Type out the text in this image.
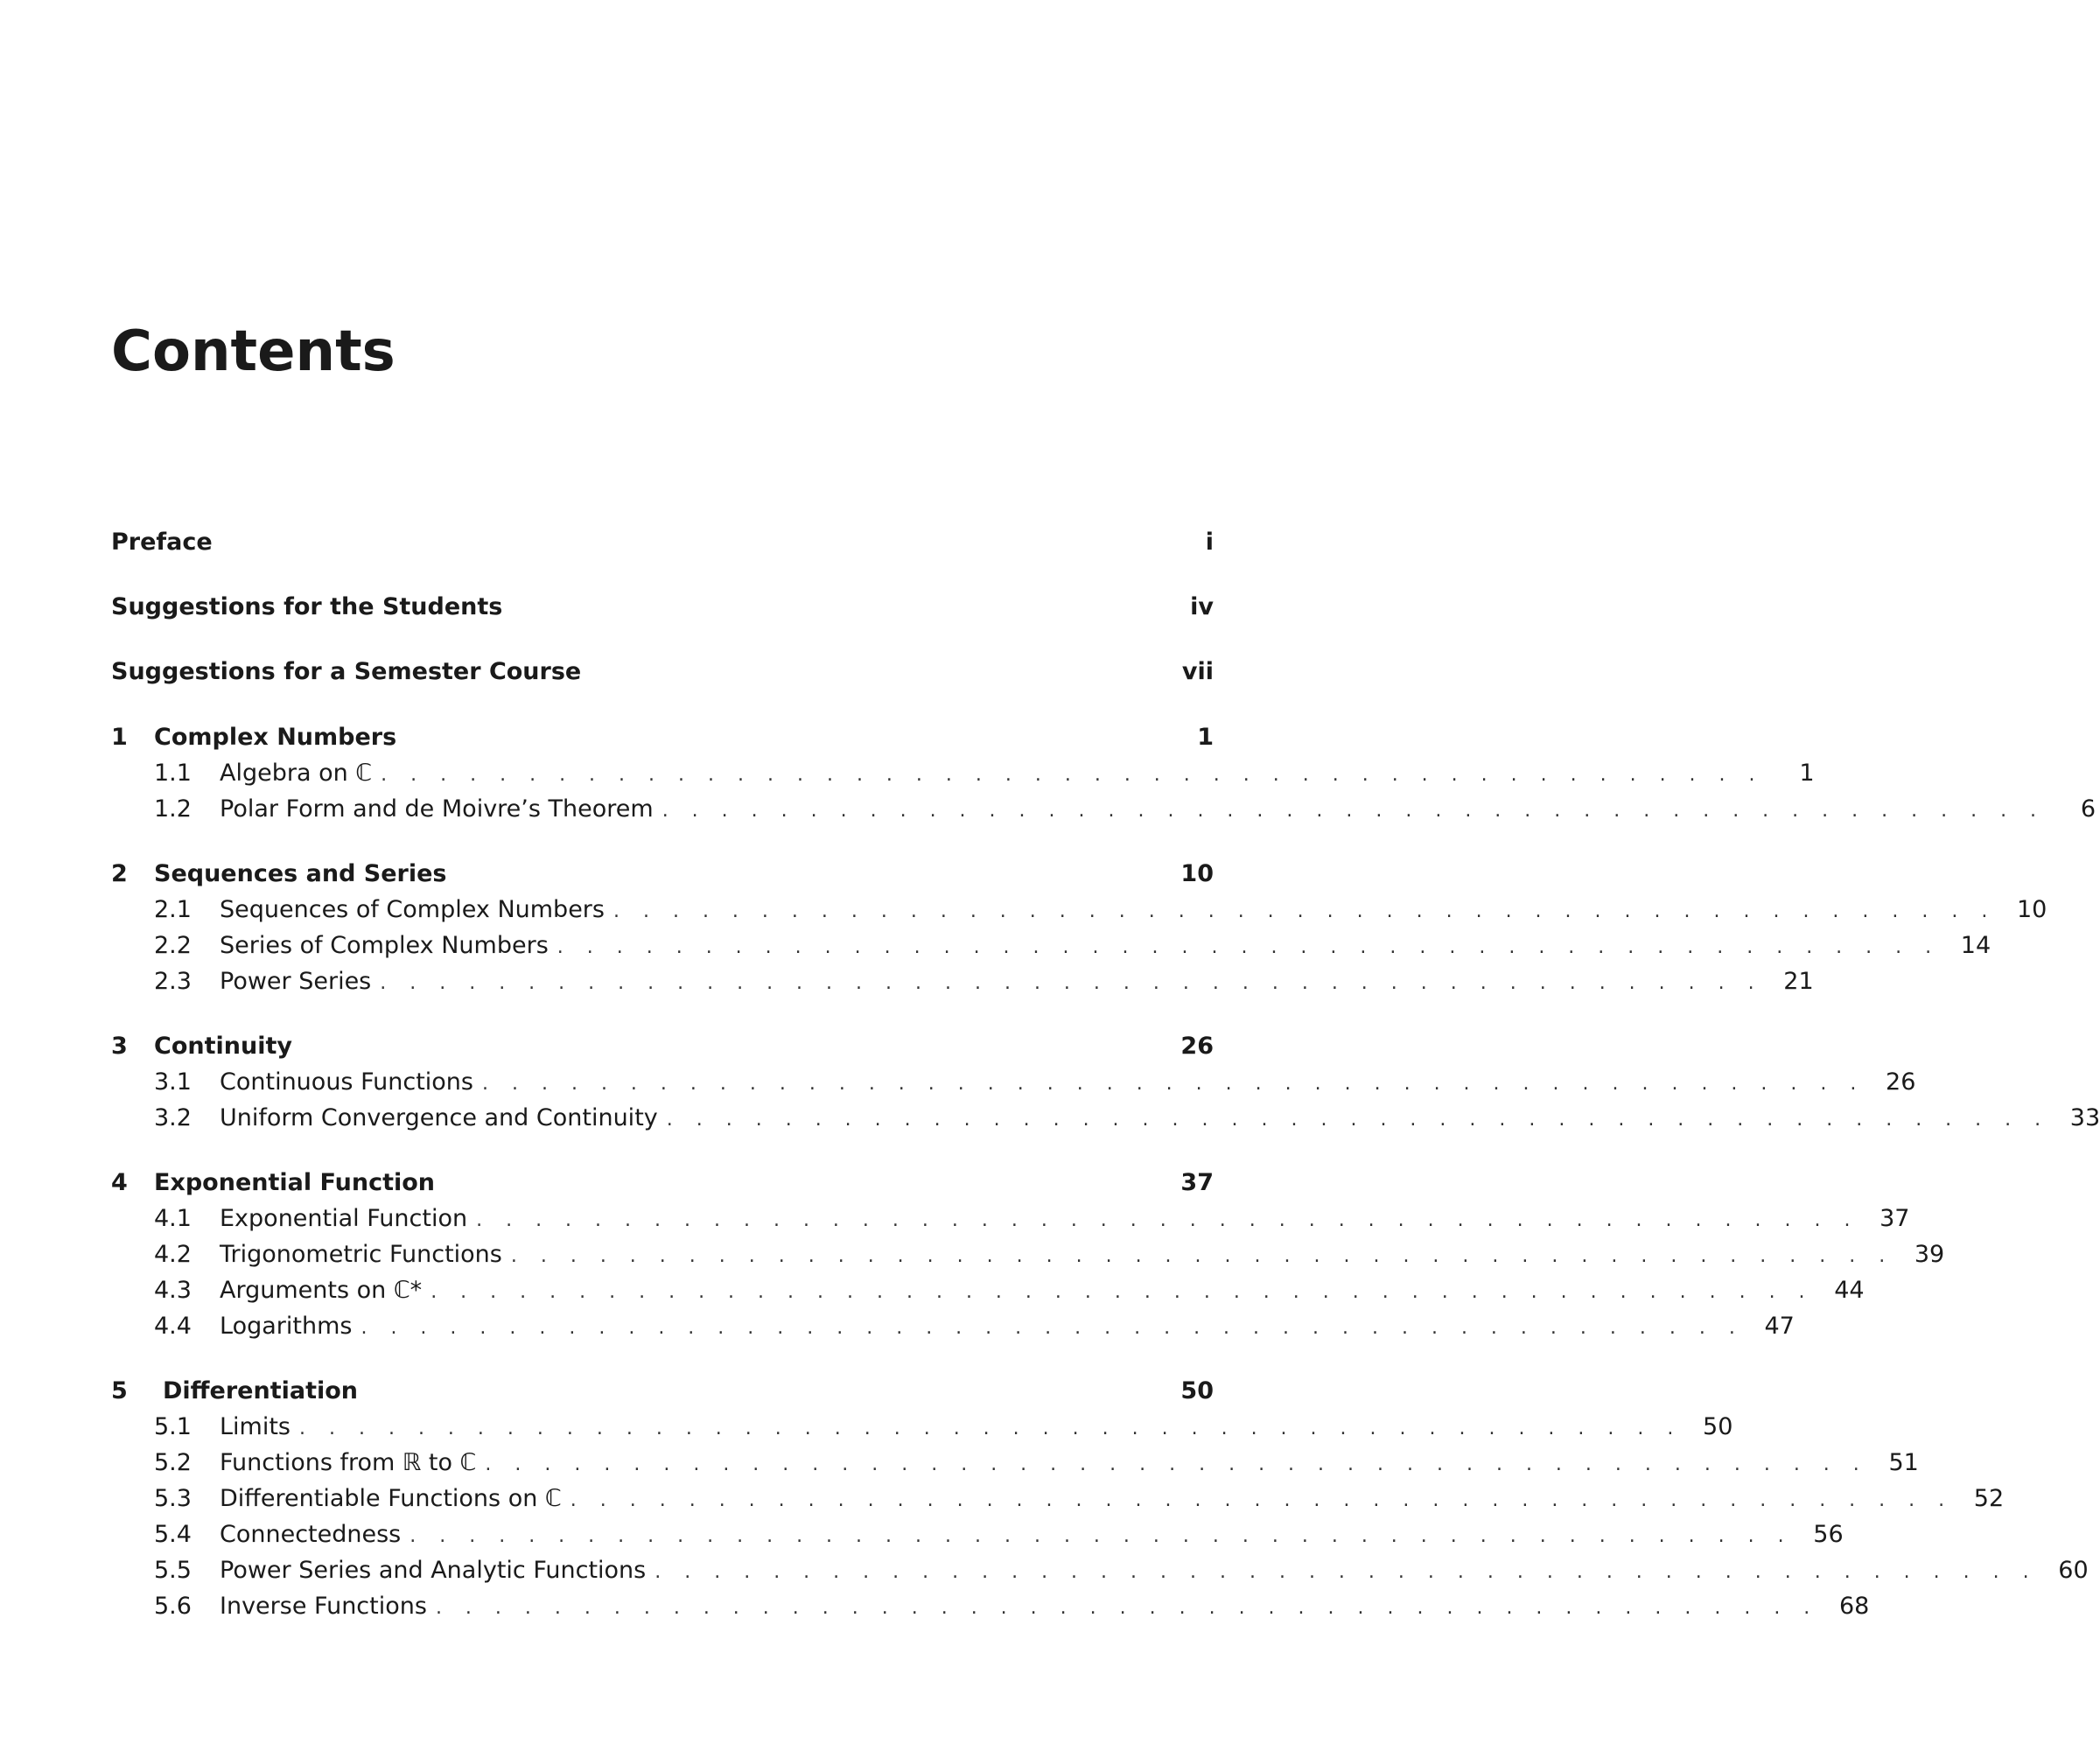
Contents
Preface	i
Suggestions for the Students	iv
Suggestions for a Semester Course	vii
1	Complex Numbers	1
1.1	Algebra on ℂ . . . . . . . . . . . . . . . . . . . . . . . . . . . . . . . . . . . . . . . . . . . . . . .	1
1.2	Polar Form and de Moivre’s Theorem . . . . . . . . . . . . . . . . . . . . . . . . . . . . . . . . . . . . . . . . . . . . . . .	6
2	Sequences and Series	10
2.1	Sequences of Complex Numbers . . . . . . . . . . . . . . . . . . . . . . . . . . . . . . . . . . . . . . . . . . . . . . . 10
2.2	Series of Complex Numbers . . . . . . . . . . . . . . . . . . . . . . . . . . . . . . . . . . . . . . . . . . . . . . . 14
2.3	Power Series . . . . . . . . . . . . . . . . . . . . . . . . . . . . . . . . . . . . . . . . . . . . . . . 21
3	Continuity	26
3.1	Continuous Functions . . . . . . . . . . . . . . . . . . . . . . . . . . . . . . . . . . . . . . . . . . . . . . . 26
3.2	Uniform Convergence and Continuity . . . . . . . . . . . . . . . . . . . . . . . . . . . . . . . . . . . . . . . . . . . . . . . 33
4	Exponential Function	37
4.1	Exponential Function . . . . . . . . . . . . . . . . . . . . . . . . . . . . . . . . . . . . . . . . . . . . . . . 37
4.2	Trigonometric Functions . . . . . . . . . . . . . . . . . . . . . . . . . . . . . . . . . . . . . . . . . . . . . . . 39
4.3	Arguments on ℂ* . . . . . . . . . . . . . . . . . . . . . . . . . . . . . . . . . . . . . . . . . . . . . . . 44
4.4	Logarithms . . . . . . . . . . . . . . . . . . . . . . . . . . . . . . . . . . . . . . . . . . . . . . . 47
5	Differentiation	50
5.1	Limits . . . . . . . . . . . . . . . . . . . . . . . . . . . . . . . . . . . . . . . . . . . . . . . 50
5.2	Functions from ℝ to ℂ . . . . . . . . . . . . . . . . . . . . . . . . . . . . . . . . . . . . . . . . . . . . . . . 51
5.3	Differentiable Functions on ℂ . . . . . . . . . . . . . . . . . . . . . . . . . . . . . . . . . . . . . . . . . . . . . . . 52
5.4	Connectedness . . . . . . . . . . . . . . . . . . . . . . . . . . . . . . . . . . . . . . . . . . . . . . . 56
5.5	Power Series and Analytic Functions . . . . . . . . . . . . . . . . . . . . . . . . . . . . . . . . . . . . . . . . . . . . . . . 60
5.6	Inverse Functions . . . . . . . . . . . . . . . . . . . . . . . . . . . . . . . . . . . . . . . . . . . . . . . 68
